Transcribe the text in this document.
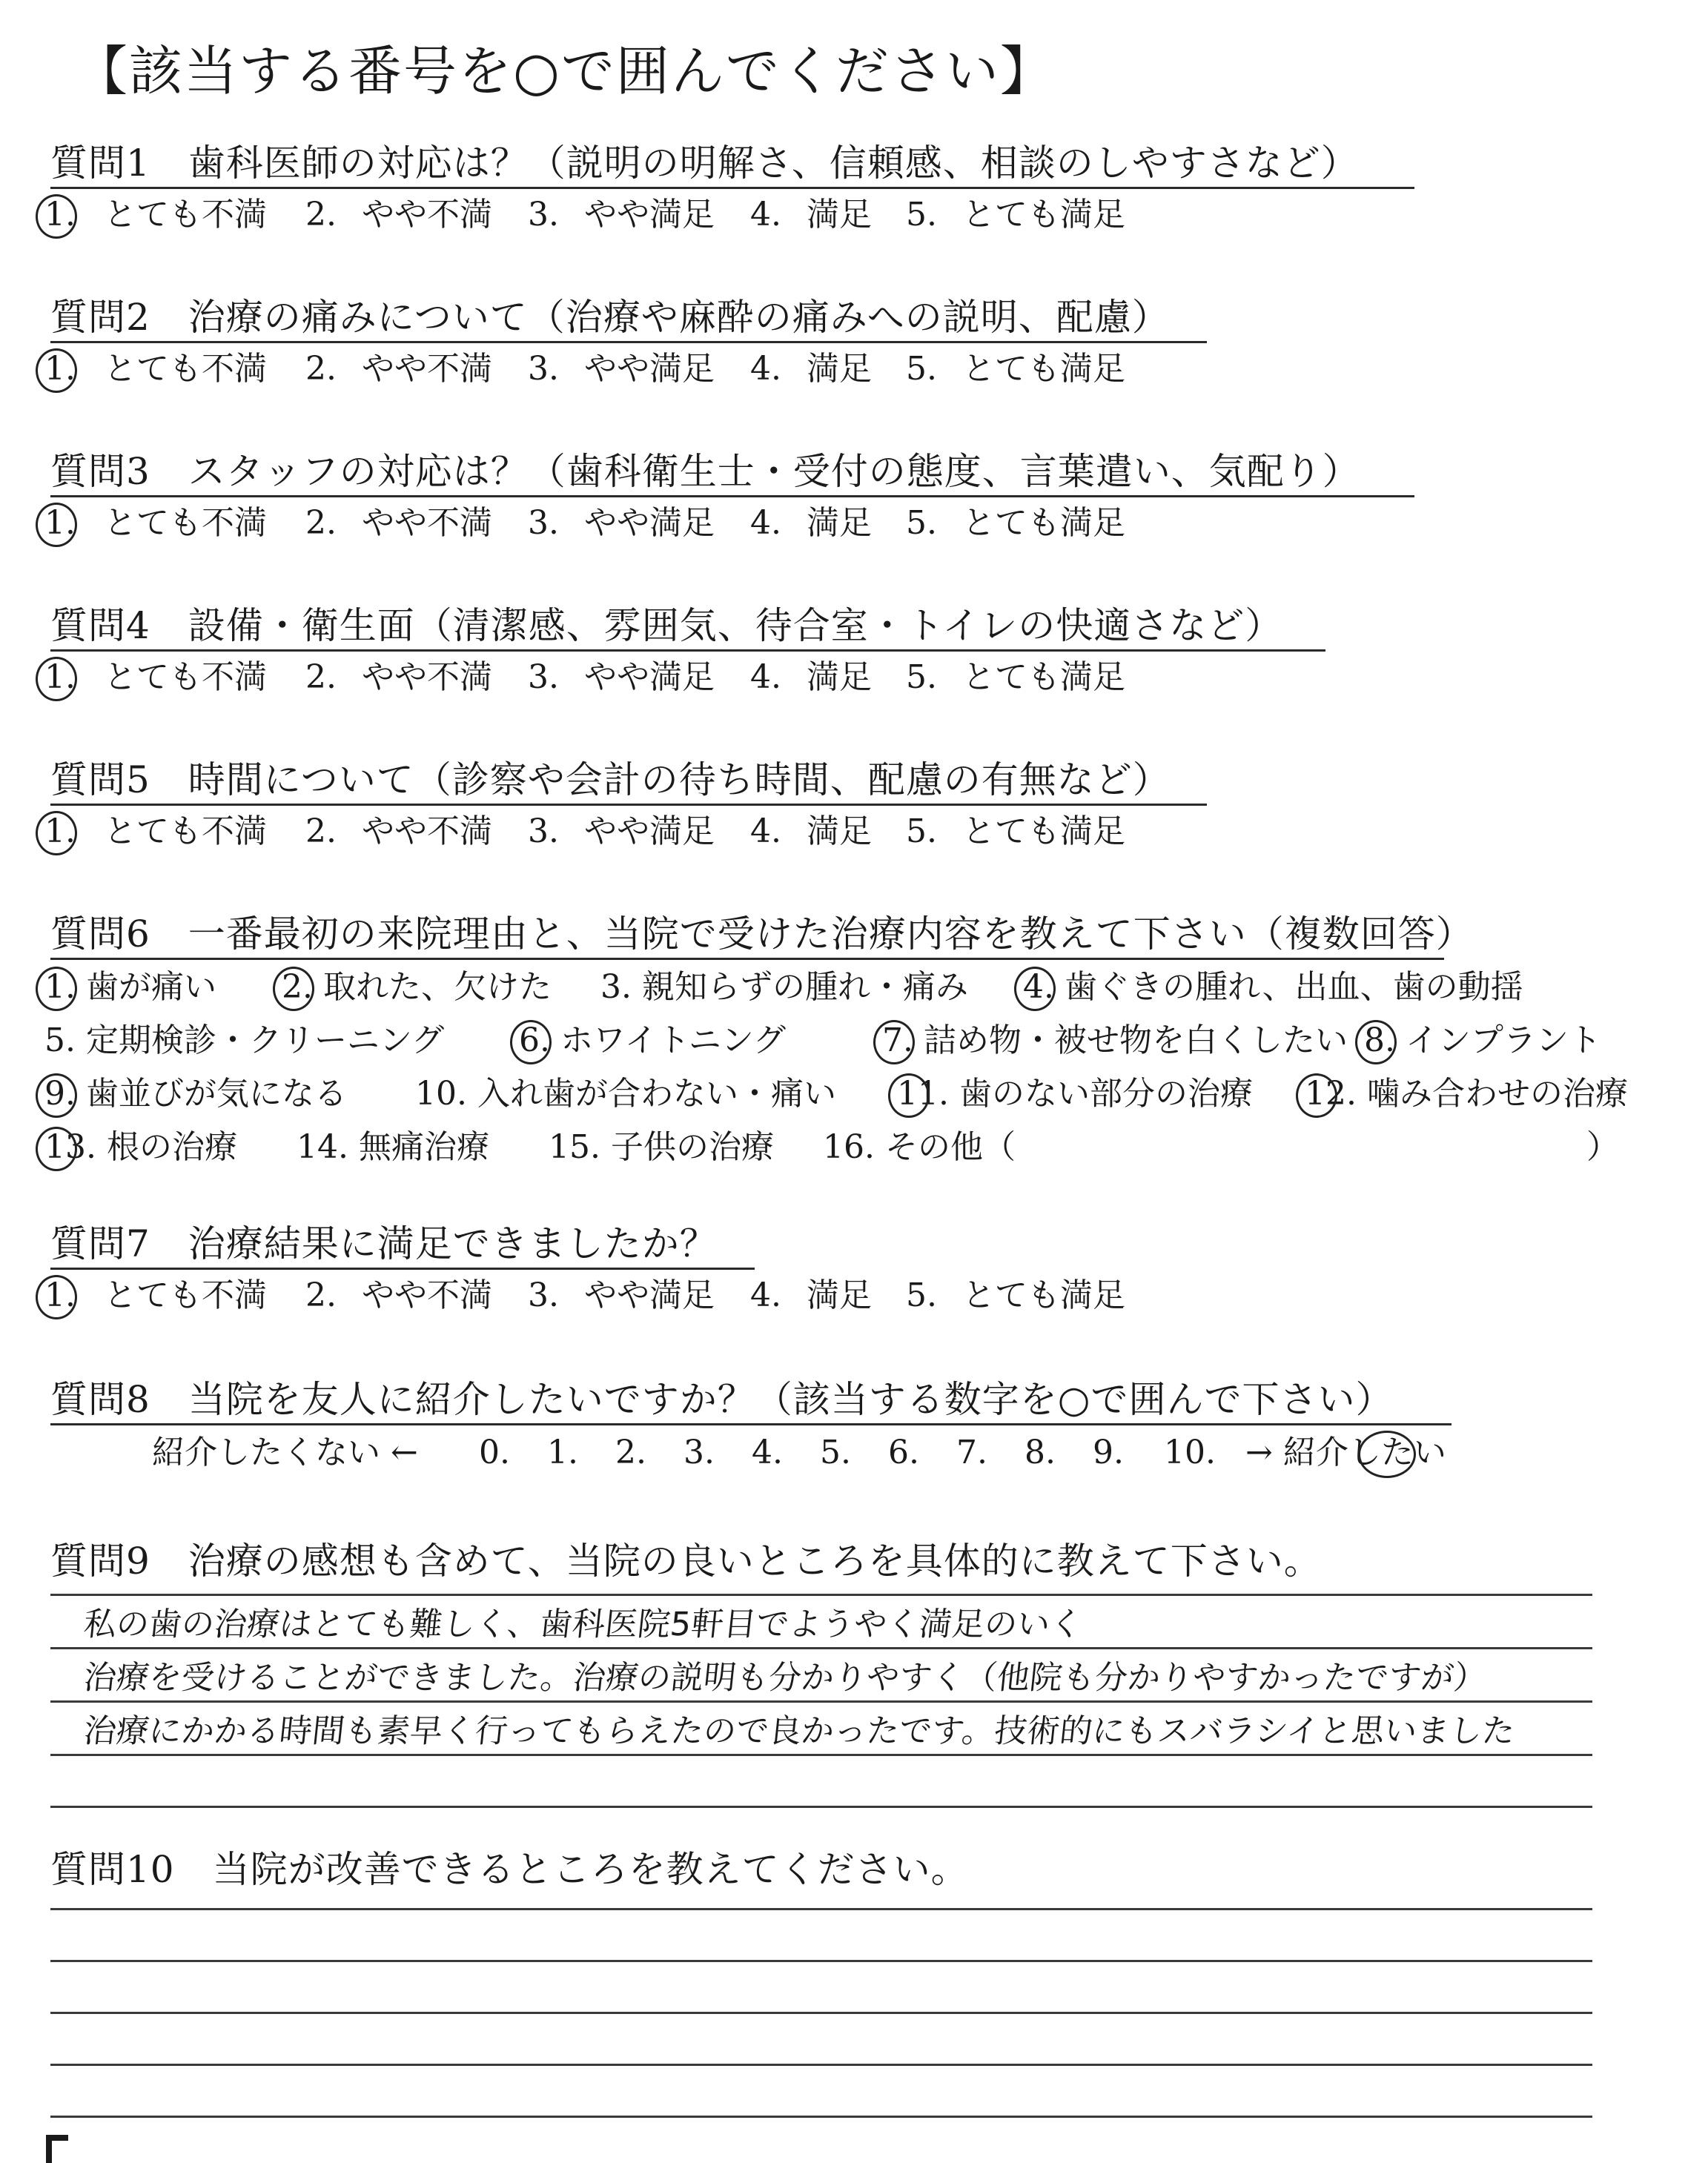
【該当する番号を○で囲んでください】
質問1　歯科医師の対応は？（説明の明解さ、信頼感、相談のしやすさなど）
1. とても不満 2. やや不満 3. やや満足 4. 満足 5. とても満足
質問2　治療の痛みについて（治療や麻酔の痛みへの説明、配慮）
1. とても不満 2. やや不満 3. やや満足 4. 満足 5. とても満足
質問3　スタッフの対応は？（歯科衛生士・受付の態度、言葉遣い、気配り）
1. とても不満 2. やや不満 3. やや満足 4. 満足 5. とても満足
質問4　設備・衛生面（清潔感、雰囲気、待合室・トイレの快適さなど）
1. とても不満 2. やや不満 3. やや満足 4. 満足 5. とても満足
質問5　時間について（診察や会計の待ち時間、配慮の有無など）
1. とても不満 2. やや不満 3. やや満足 4. 満足 5. とても満足
質問6　一番最初の来院理由と、当院で受けた治療内容を教えて下さい（複数回答）
1. 歯が痛い 2. 取れた、欠けた 3. 親知らずの腫れ・痛み 4. 歯ぐきの腫れ、出血、歯の動揺
5. 定期検診・クリーニング 6. ホワイトニング	7. 詰め物・被せ物を白くしたい 8. インプラント
9. 歯並びが気になる 10. 入れ歯が合わない・痛い 11. 歯のない部分の治療 12. 噛み合わせの治療
13. 根の治療 14. 無痛治療 15. 子供の治療 16. その他（	）
質問7　治療結果に満足できましたか？
1. とても不満 2. やや不満 3. やや満足 4. 満足 5. とても満足
質問8　当院を友人に紹介したいですか？（該当する数字を○で囲んで下さい）
紹介したくない ← 0. 1. 2. 3. 4. 5. 6. 7. 8. 9. 10. → 紹介したい
質問9　治療の感想も含めて、当院の良いところを具体的に教えて下さい。
私の歯の治療はとても難しく、歯科医院5軒目でようやく満足のいく
治療を受けることができました。治療の説明も分かりやすく（他院も分かりやすかったですが）
治療にかかる時間も素早く行ってもらえたので良かったです。技術的にもスバラシイと思いました
質問10　当院が改善できるところを教えてください。
